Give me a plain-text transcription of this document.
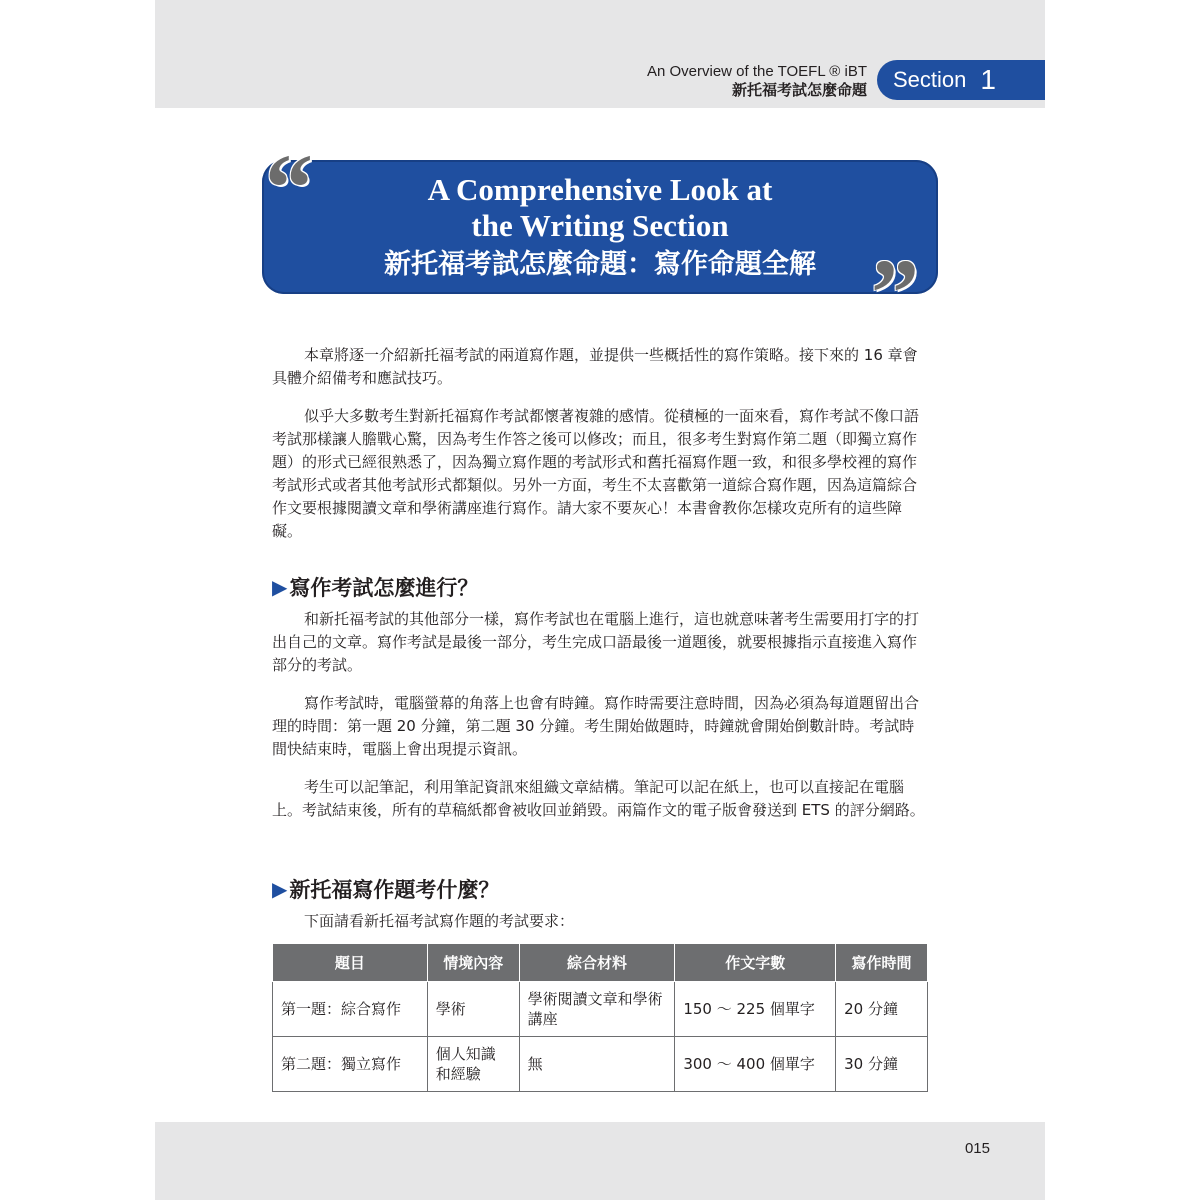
An Overview of the TOEFL ® iBT
新托福考試怎麼命題 Section 1
A Comprehensive Look at
the Writing Section
新托福考試怎麼命題：寫作命題全解
“
”

本章將逐一介紹新托福考試的兩道寫作題，並提供一些概括性的寫作策略。接下來的 16 章會具體介紹備考和應試技巧。

似乎大多數考生對新托福寫作考試都懷著複雜的感情。從積極的一面來看，寫作考試不像口語考試那樣讓人膽戰心驚，因為考生作答之後可以修改；而且，很多考生對寫作第二題（即獨立寫作題）的形式已經很熟悉了，因為獨立寫作題的考試形式和舊托福寫作題一致，和很多學校裡的寫作考試形式或者其他考試形式都類似。另外一方面，考生不太喜歡第一道綜合寫作題，因為這篇綜合作文要根據閱讀文章和學術講座進行寫作。請大家不要灰心！本書會教你怎樣攻克所有的這些障礙。

▶ 寫作考試怎麼進行？

和新托福考試的其他部分一樣，寫作考試也在電腦上進行，這也就意味著考生需要用打字的打出自己的文章。寫作考試是最後一部分，考生完成口語最後一道題後，就要根據指示直接進入寫作部分的考試。

寫作考試時，電腦螢幕的角落上也會有時鐘。寫作時需要注意時間，因為必須為每道題留出合理的時間：第一題 20 分鐘，第二題 30 分鐘。考生開始做題時，時鐘就會開始倒數計時。考試時間快結束時，電腦上會出現提示資訊。

考生可以記筆記，利用筆記資訊來組織文章結構。筆記可以記在紙上，也可以直接記在電腦上。考試結束後，所有的草稿紙都會被收回並銷毀。兩篇作文的電子版會發送到 ETS 的評分網路。

▶ 新托福寫作題考什麼？

下面請看新托福考試寫作題的考試要求：

題目	情境內容	綜合材料	作文字數	寫作時間
第一題：綜合寫作	學術	學術閱讀文章和學術講座	150 ～ 225 個單字	20 分鐘
第二題：獨立寫作	個人知識和經驗	無	300 ～ 400 個單字	30 分鐘
015
